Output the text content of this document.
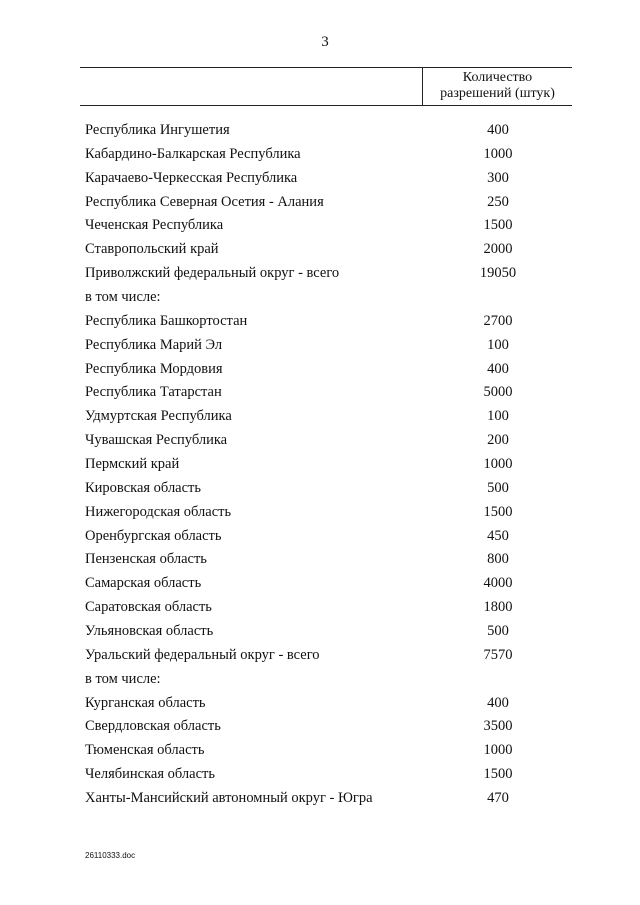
3
Количество
разрешений (штук)
Республика Ингушетия	400
Кабардино-Балкарская Республика	1000
Карачаево-Черкесская Республика	300
Республика Северная Осетия - Алания	250
Чеченская Республика	1500
Ставропольский край	2000
Приволжский федеральный округ - всего	19050
в том числе:
Республика Башкортостан	2700
Республика Марий Эл	100
Республика Мордовия	400
Республика Татарстан	5000
Удмуртская Республика	100
Чувашская Республика	200
Пермский край	1000
Кировская область	500
Нижегородская область	1500
Оренбургская область	450
Пензенская область	800
Самарская область	4000
Саратовская область	1800
Ульяновская область	500
Уральский федеральный округ - всего	7570
в том числе:
Курганская область	400
Свердловская область	3500
Тюменская область	1000
Челябинская область	1500
Ханты-Мансийский автономный округ - Югра	470
26110333.doc
